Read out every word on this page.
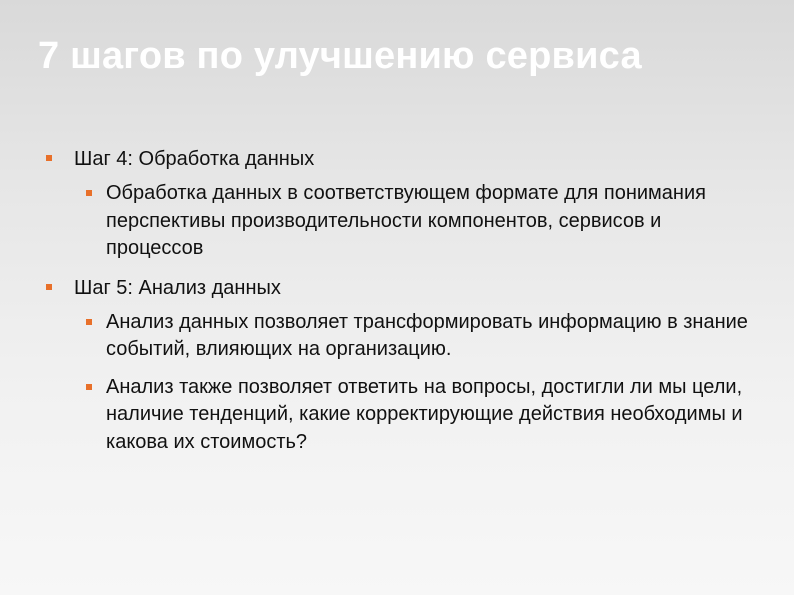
7 шагов по улучшению сервиса
Шаг 4: Обработка данных
Обработка данных в соответствующем формате для понимания перспективы производительности компонентов, сервисов и процессов
Шаг 5: Анализ данных
Анализ данных позволяет трансформировать информацию в знание событий, влияющих на организацию.
Анализ также позволяет ответить на вопросы, достигли ли мы цели, наличие тенденций, какие корректирующие действия необходимы и какова их стоимость?
